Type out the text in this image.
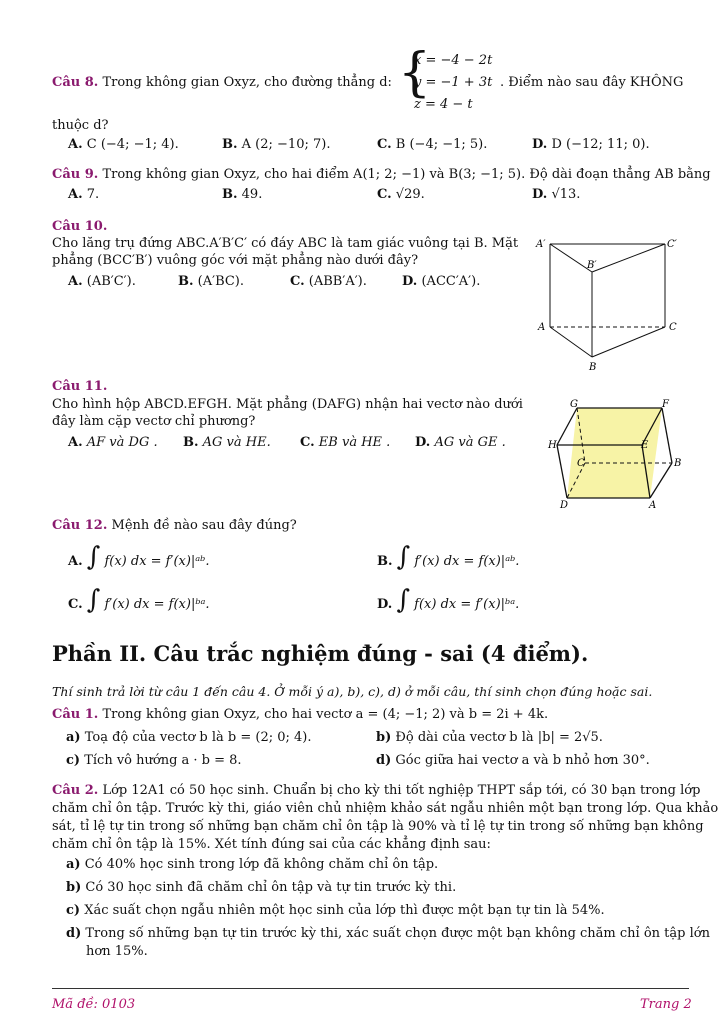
Câu 8. Trong không gian Oxyz, cho đường thẳng d: {
x = −4 − 2t
y = −1 + 3t
z = 4 − t
. Điểm nào sau đây KHÔNG
thuộc d?
A. C (−4; −1; 4).	B. A (2; −10; 7).	C. B (−4; −1; 5).	D. D (−12; 11; 0).
Câu 9. Trong không gian Oxyz, cho hai điểm A(1; 2; −1) và B(3; −1; 5). Độ dài đoạn thẳng AB bằng
A. 7.	B. 49.	C. √29.	D. √13.
Câu 10.
Cho lăng trụ đứng ABC.A′B′C′ có đáy ABC là tam giác vuông tại B. Mặt
phẳng (BCC′B′) vuông góc với mặt phẳng nào dưới đây?
A. (AB′C′).	B. (A′BC).	C. (ABB′A′).	D. (ACC′A′).
A′	C′
B′
A	C
B
Câu 11.
Cho hình hộp ABCD.EFGH. Mặt phẳng (DAFG) nhận hai vectơ nào dưới
đây làm cặp vectơ chỉ phương?
A. AF và DG . B. AG và HE. C. EB và HE . D. AG và GE .
G	F
H	E
C	B
D	A
Câu 12. Mệnh đề nào sau đây đúng?
A. ∫ f(x) dx = f′(x)|ᵃᵇ.	B. ∫ f′(x) dx = f(x)|ᵃᵇ.
C. ∫ f′(x) dx = f(x)|ᵇᵃ.	D. ∫ f(x) dx = f′(x)|ᵇᵃ.
Phần II. Câu trắc nghiệm đúng - sai (4 điểm).
Thí sinh trả lời từ câu 1 đến câu 4. Ở mỗi ý a), b), c), d) ở mỗi câu, thí sinh chọn đúng hoặc sai.
Câu 1. Trong không gian Oxyz, cho hai vectơ a = (4; −1; 2) và b = 2i + 4k.
a) Toạ độ của vectơ b là b = (2; 0; 4).	b) Độ dài của vectơ b là |b| = 2√5.
c) Tích vô hướng a · b = 8.	d) Góc giữa hai vectơ a và b nhỏ hơn 30°.
Câu 2. Lớp 12A1 có 50 học sinh. Chuẩn bị cho kỳ thi tốt nghiệp THPT sắp tới, có 30 bạn trong lớp
chăm chỉ ôn tập. Trước kỳ thi, giáo viên chủ nhiệm khảo sát ngẫu nhiên một bạn trong lớp. Qua khảo
sát, tỉ lệ tự tin trong số những bạn chăm chỉ ôn tập là 90% và tỉ lệ tự tin trong số những bạn không
chăm chỉ ôn tập là 15%. Xét tính đúng sai của các khẳng định sau:
a) Có 40% học sinh trong lớp đã không chăm chỉ ôn tập.
b) Có 30 học sinh đã chăm chỉ ôn tập và tự tin trước kỳ thi.
c) Xác suất chọn ngẫu nhiên một học sinh của lớp thì được một bạn tự tin là 54%.
d) Trong số những bạn tự tin trước kỳ thi, xác suất chọn được một bạn không chăm chỉ ôn tập lớn
hơn 15%.
Mã đề: 0103	Trang 2
